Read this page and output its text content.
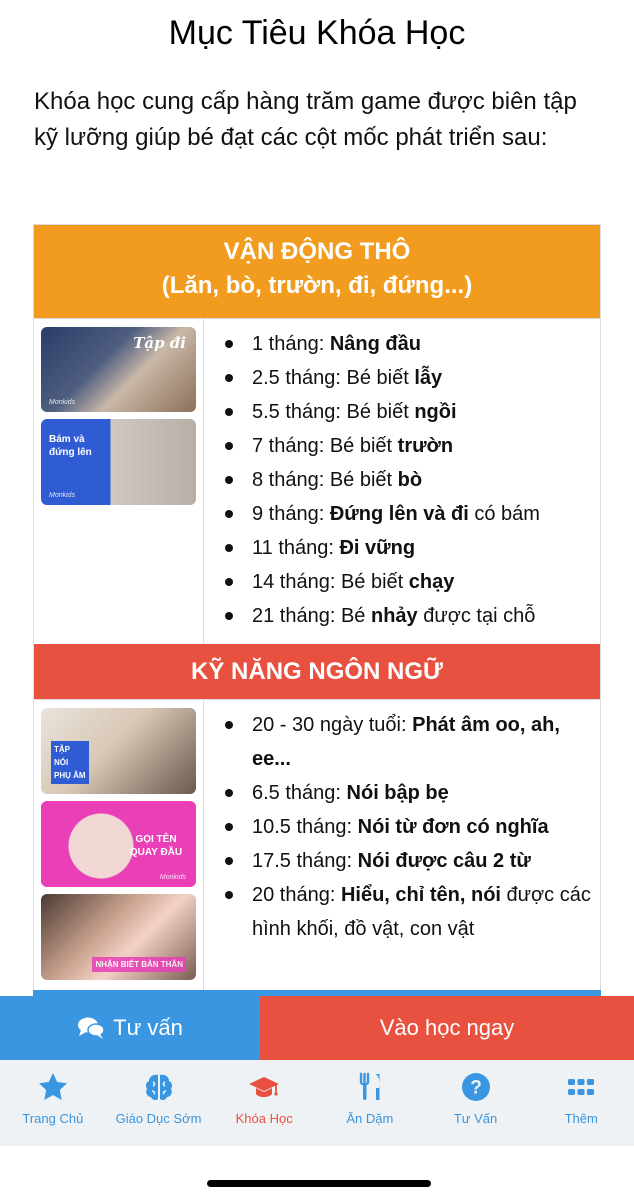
Mục Tiêu Khóa Học

Khóa học cung cấp hàng trăm game được biên tập kỹ lưỡng giúp bé đạt các cột mốc phát triển sau:

VẬN ĐỘNG THÔ
(Lăn, bò, trườn, đi, đứng...)
Tập đi
Monkids
Bám và đứng lên
Monkids
1 tháng: Nâng đầu
2.5 tháng: Bé biết lẫy
5.5 tháng: Bé biết ngồi
7 tháng: Bé biết trườn
8 tháng: Bé biết bò
9 tháng: Đứng lên và đi có bám
11 tháng: Đi vững
14 tháng: Bé biết chạy
21 tháng: Bé nhảy được tại chỗ
KỸ NĂNG NGÔN NGỮ
TẬP NÓI PHỤ ÂM
GỌI TÊN QUAY ĐẦU
Monkids
NHẬN BIẾT BẢN THÂN
20 - 30 ngày tuổi: Phát âm oo, ah, ee...
6.5 tháng: Nói bập bẹ
10.5 tháng: Nói từ đơn có nghĩa
17.5 tháng: Nói được câu 2 từ
20 tháng: Hiểu, chỉ tên, nói được các hình khối, đồ vật, con vật
Tư vấn	Vào học ngay
Trang Chủ Giáo Dục Sớm	Khóa Học	Ăn Dặm
?
Tư Vấn	Thêm
